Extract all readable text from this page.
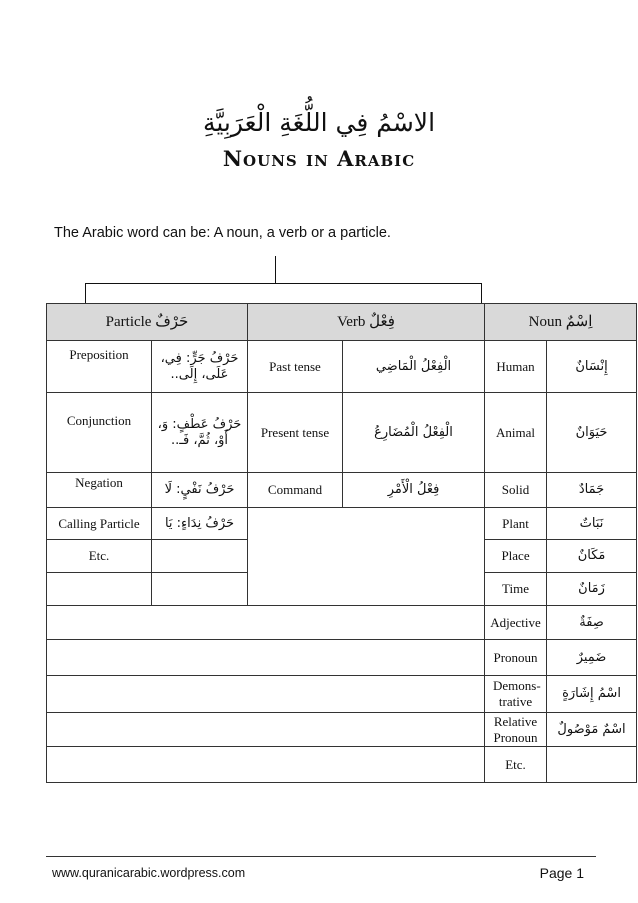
الاسْمُ فِي اللُّغَةِ الْعَرَبِيَّةِ
Nouns in Arabic
The Arabic word can be: A noun, a verb or a particle.
Particle حَرْفٌ		Verb فِعْلٌ		Noun اِسْمٌ	
Preposition	حَرْفُ جَرٍّ: فِي، عَلَى، إِلَى..	Past tense	الْفِعْلُ الْمَاضِي	Human	إِنْسَانٌ
Conjunction	حَرْفُ عَطْفٍ: وَ، أَوْ، ثُمَّ، فَـ..	Present tense	الْفِعْلُ الْمُضَارِعُ	Animal	حَيَوَانٌ
Negation	حَرْفُ نَفْيٍ: لَا	Command	فِعْلُ الْأَمْرِ	Solid	جَمَادٌ
Calling Particle	حَرْفُ نِدَاءٍ: يَا			Plant	نَبَاتٌ
Etc.				Place	مَكَانٌ
				Time	زَمَانٌ
				Adjective	صِفَةٌ
				Pronoun	ضَمِيرٌ
				Demons-trative	اسْمُ إِشَارَةٍ
				Relative Pronoun	اسْمٌ مَوْصُولٌ
				Etc.	
www.quranicarabic.wordpress.com	Page 1
